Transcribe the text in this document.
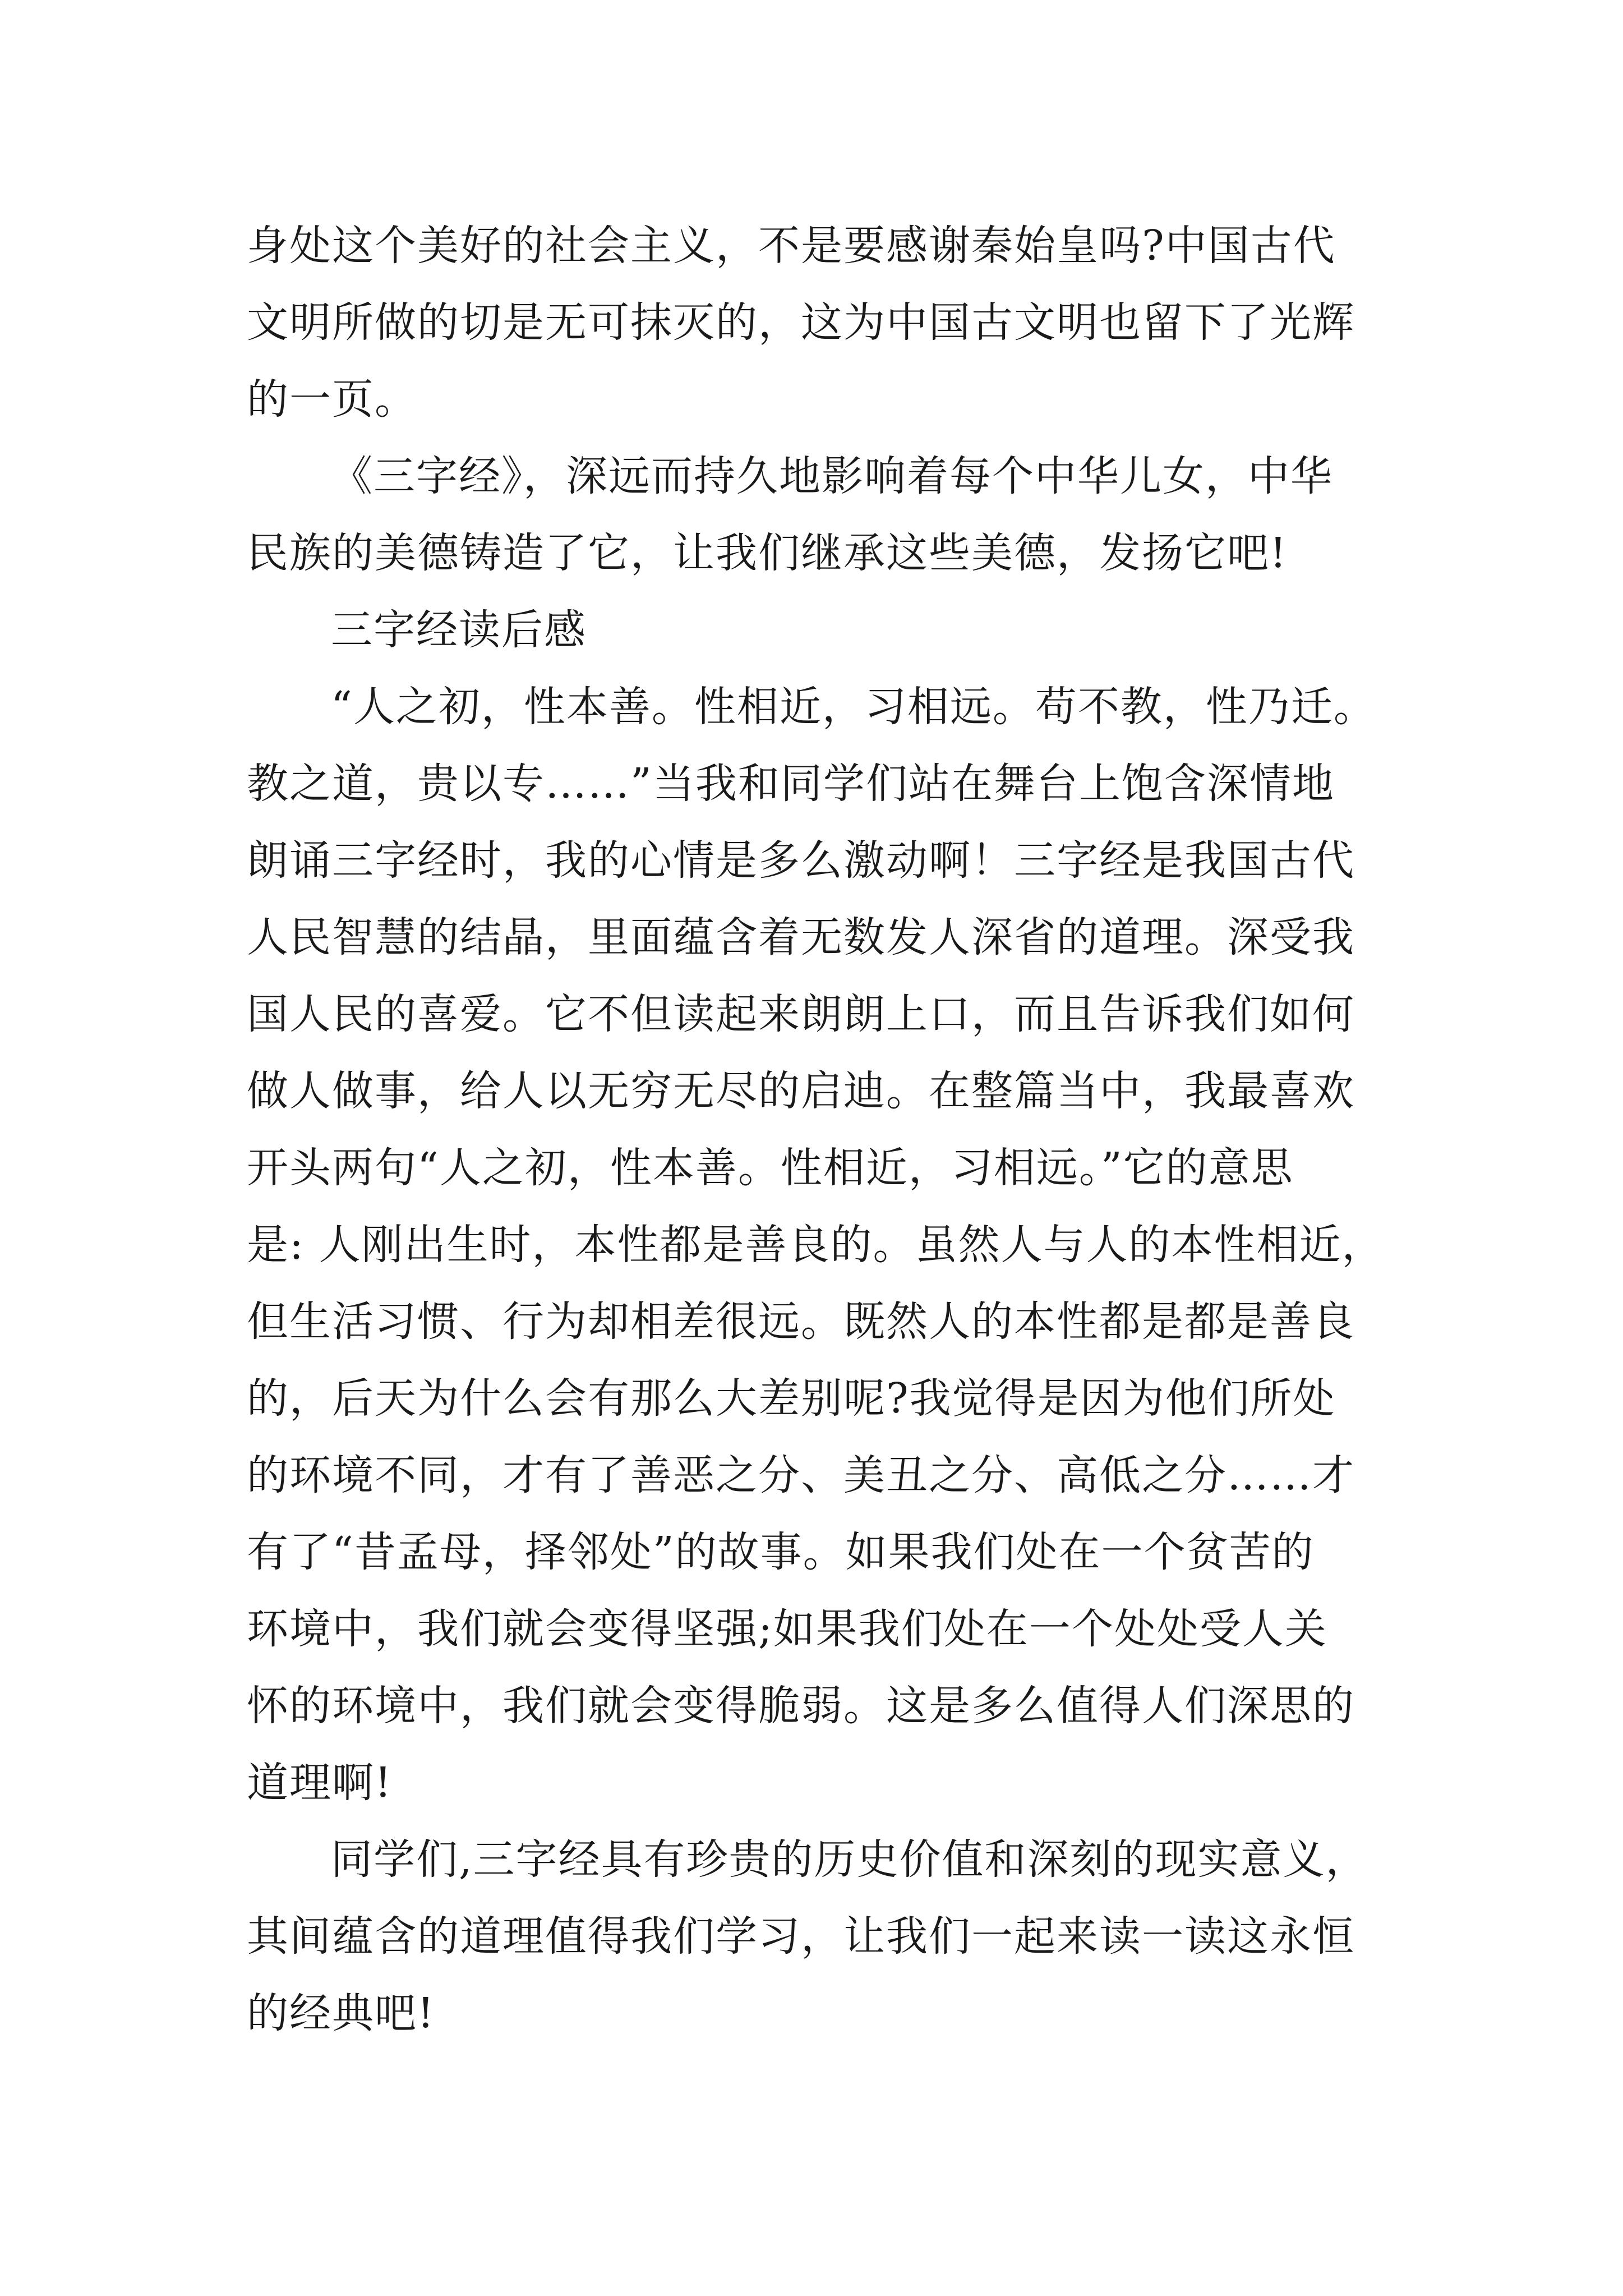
身处这个美好的社会主义，不是要感谢秦始皇吗?中国古代
文明所做的切是无可抹灭的，这为中国古文明也留下了光辉
的一页。
《三字经》，深远而持久地影响着每个中华儿女，中华
民族的美德铸造了它，让我们继承这些美德，发扬它吧!
三字经读后感
“人之初，性本善。性相近，习相远。苟不教，性乃迁。
教之道，贵以专……”当我和同学们站在舞台上饱含深情地
朗诵三字经时，我的心情是多么激动啊！三字经是我国古代
人民智慧的结晶，里面蕴含着无数发人深省的道理。深受我
国人民的喜爱。它不但读起来朗朗上口，而且告诉我们如何
做人做事，给人以无穷无尽的启迪。在整篇当中，我最喜欢
开头两句“人之初，性本善。性相近，习相远。”它的意思
是: 人刚出生时，本性都是善良的。虽然人与人的本性相近，
但生活习惯、行为却相差很远。既然人的本性都是都是善良
的，后天为什么会有那么大差别呢?我觉得是因为他们所处
的环境不同，才有了善恶之分、美丑之分、高低之分……才
有了“昔孟母，择邻处”的故事。如果我们处在一个贫苦的
环境中，我们就会变得坚强;如果我们处在一个处处受人关
怀的环境中，我们就会变得脆弱。这是多么值得人们深思的
道理啊!
同学们,三字经具有珍贵的历史价值和深刻的现实意义，
其间蕴含的道理值得我们学习，让我们一起来读一读这永恒
的经典吧!
